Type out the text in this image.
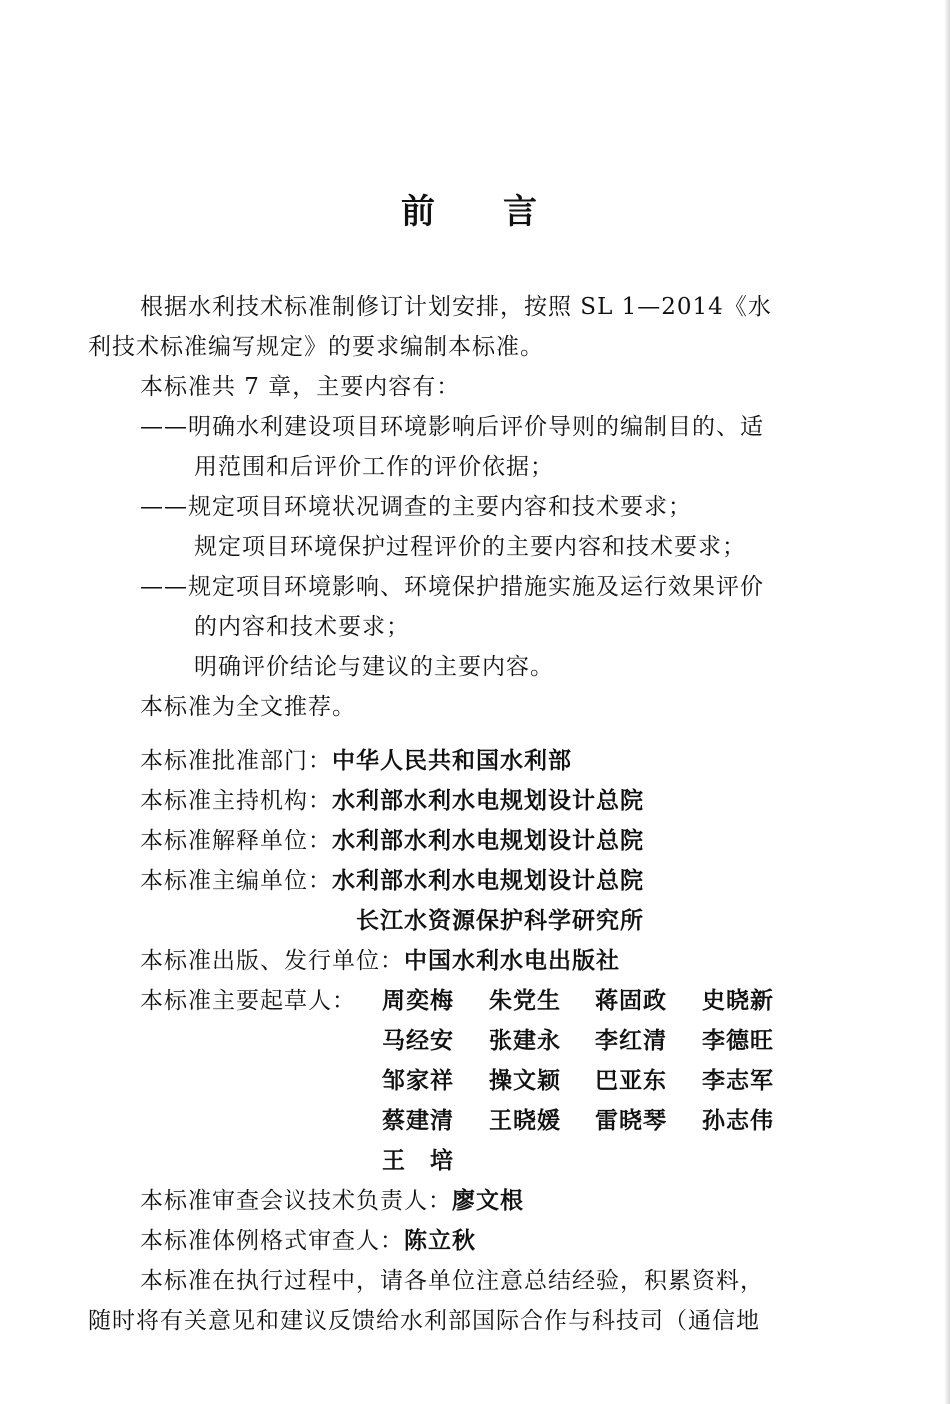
前 言

根据水利技术标准制修订计划安排，按照 SL 1—2014《水

利技术标准编写规定》的要求编制本标准。

本标准共 7 章，主要内容有：

——明确水利建设项目环境影响后评价导则的编制目的、适

用范围和后评价工作的评价依据；

——规定项目环境状况调查的主要内容和技术要求；

规定项目环境保护过程评价的主要内容和技术要求；

——规定项目环境影响、环境保护措施实施及运行效果评价

的内容和技术要求；

明确评价结论与建议的主要内容。

本标准为全文推荐。

本标准批准部门：中华人民共和国水利部

本标准主持机构：水利部水利水电规划设计总院

本标准解释单位：水利部水利水电规划设计总院

本标准主编单位：水利部水利水电规划设计总院

长江水资源保护科学研究所

本标准出版、发行单位：中国水利水电出版社

本标准主要起草人： 周奕梅 朱党生 蒋固政 史晓新
马经安 张建永 李红清 李德旺
邹家祥 操文颖 巴亚东 李志军
蔡建清 王晓媛 雷晓琴 孙志伟
王　培

本标准审查会议技术负责人：廖文根

本标准体例格式审查人：陈立秋

本标准在执行过程中，请各单位注意总结经验，积累资料，

随时将有关意见和建议反馈给水利部国际合作与科技司（通信地
